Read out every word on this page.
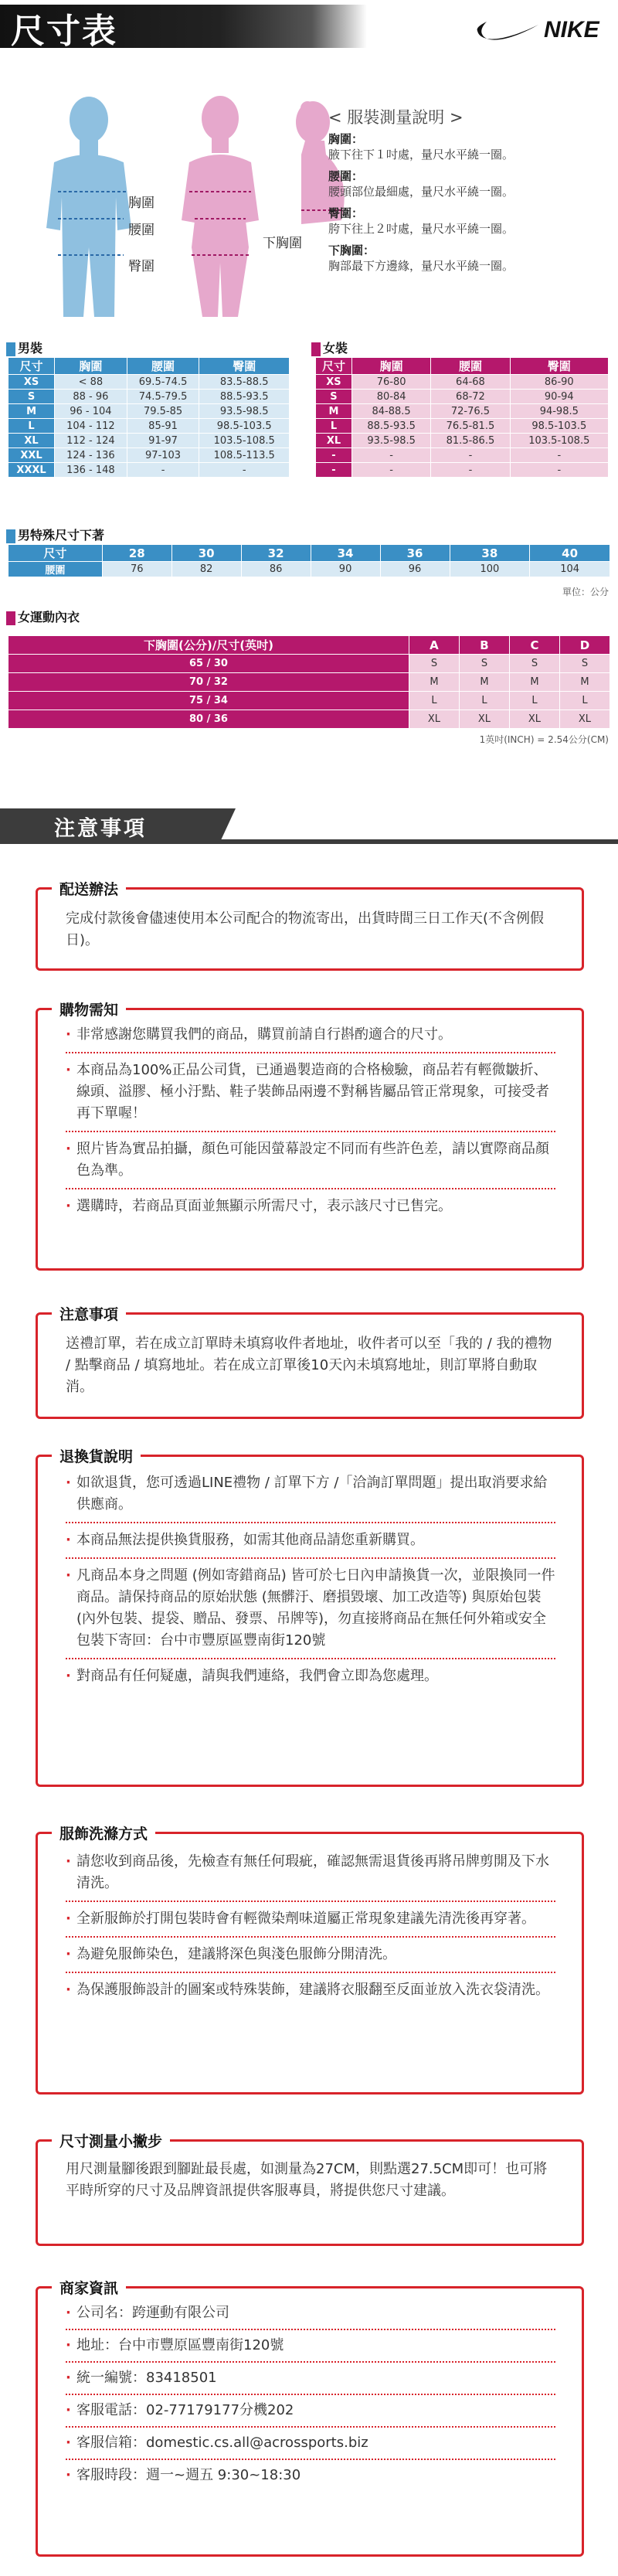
尺寸表	NIKE
胸圍
腰圍
臀圍
下胸圍
< 服裝測量說明 >
胸圍：
腋下往下１吋處，量尺水平繞一圈。
腰圍：
腰頭部位最細處，量尺水平繞一圈。
臀圍：
胯下往上２吋處，量尺水平繞一圈。
下胸圍：
胸部最下方邊緣，量尺水平繞一圈。
男裝
尺寸	胸圍	腰圍	臀圍
XS	< 88	69.5-74.5	83.5-88.5
S	88 - 96	74.5-79.5	88.5-93.5
M	96 - 104	79.5-85	93.5-98.5
L	104 - 112	85-91	98.5-103.5
XL	112 - 124	91-97	103.5-108.5
XXL	124 - 136	97-103	108.5-113.5
XXXL	136 - 148	-	-
女裝
尺寸	胸圍	腰圍	臀圍
XS	76-80	64-68	86-90
S	80-84	68-72	90-94
M	84-88.5	72-76.5	94-98.5
L	88.5-93.5	76.5-81.5	98.5-103.5
XL	93.5-98.5	81.5-86.5	103.5-108.5
-	-	-	-
-	-	-	-
男特殊尺寸下著
尺寸	28	30	32	34	36	38	40
腰圍	76	82	86	90	96	100	104
單位：公分
女運動內衣
下胸圍(公分)/尺寸(英吋)	A	B	C	D
65 / 30	S	S	S	S
70 / 32	M	M	M	M
75 / 34	L	L	L	L
80 / 36	XL	XL	XL	XL
1英吋(INCH) = 2.54公分(CM)
注意事項
配送辦法
完成付款後會儘速使用本公司配合的物流寄出，出貨時間三日工作天(不含例假日)。
購物需知
· 非常感謝您購買我們的商品，購買前請自行斟酌適合的尺寸。
· 本商品為100%正品公司貨，已通過製造商的合格檢驗，商品若有輕微皺折、線頭、溢膠、極小汙點、鞋子裝飾品兩邊不對稱皆屬品管正常現象，可接受者再下單喔！
· 照片皆為實品拍攝，顏色可能因螢幕設定不同而有些許色差，請以實際商品顏色為準。
· 選購時，若商品頁面並無顯示所需尺寸，表示該尺寸已售完。
注意事項
送禮訂單，若在成立訂單時未填寫收件者地址，收件者可以至「我的 / 我的禮物 / 點擊商品 / 填寫地址。若在成立訂單後10天內未填寫地址，則訂單將自動取消。
退換貨說明
· 如欲退貨，您可透過LINE禮物 / 訂單下方 /「洽詢訂單問題」提出取消要求給供應商。
· 本商品無法提供換貨服務，如需其他商品請您重新購買。
· 凡商品本身之問題 (例如寄錯商品) 皆可於七日內申請換貨一次，並限換同一件商品。請保持商品的原始狀態 (無髒汙、磨損毀壞、加工改造等) 與原始包裝 (內外包裝、提袋、贈品、發票、吊牌等)，勿直接將商品在無任何外箱或安全包裝下寄回：台中市豐原區豐南街120號
· 對商品有任何疑慮，請與我們連絡，我們會立即為您處理。
服飾洗滌方式
· 請您收到商品後，先檢查有無任何瑕疵，確認無需退貨後再將吊牌剪開及下水清洗。
· 全新服飾於打開包裝時會有輕微染劑味道屬正常現象建議先清洗後再穿著。
· 為避免服飾染色，建議將深色與淺色服飾分開清洗。
· 為保護服飾設計的圖案或特殊裝飾，建議將衣服翻至反面並放入洗衣袋清洗。
尺寸測量小撇步
用尺測量腳後跟到腳趾最長處，如測量為27CM，則點選27.5CM即可！也可將平時所穿的尺寸及品牌資訊提供客服專員，將提供您尺寸建議。
商家資訊
· 公司名：跨運動有限公司
· 地址：台中市豐原區豐南街120號
· 統一編號：83418501
· 客服電話：02-77179177分機202
· 客服信箱：domestic.cs.all@acrossports.biz
· 客服時段：週一~週五 9:30~18:30
